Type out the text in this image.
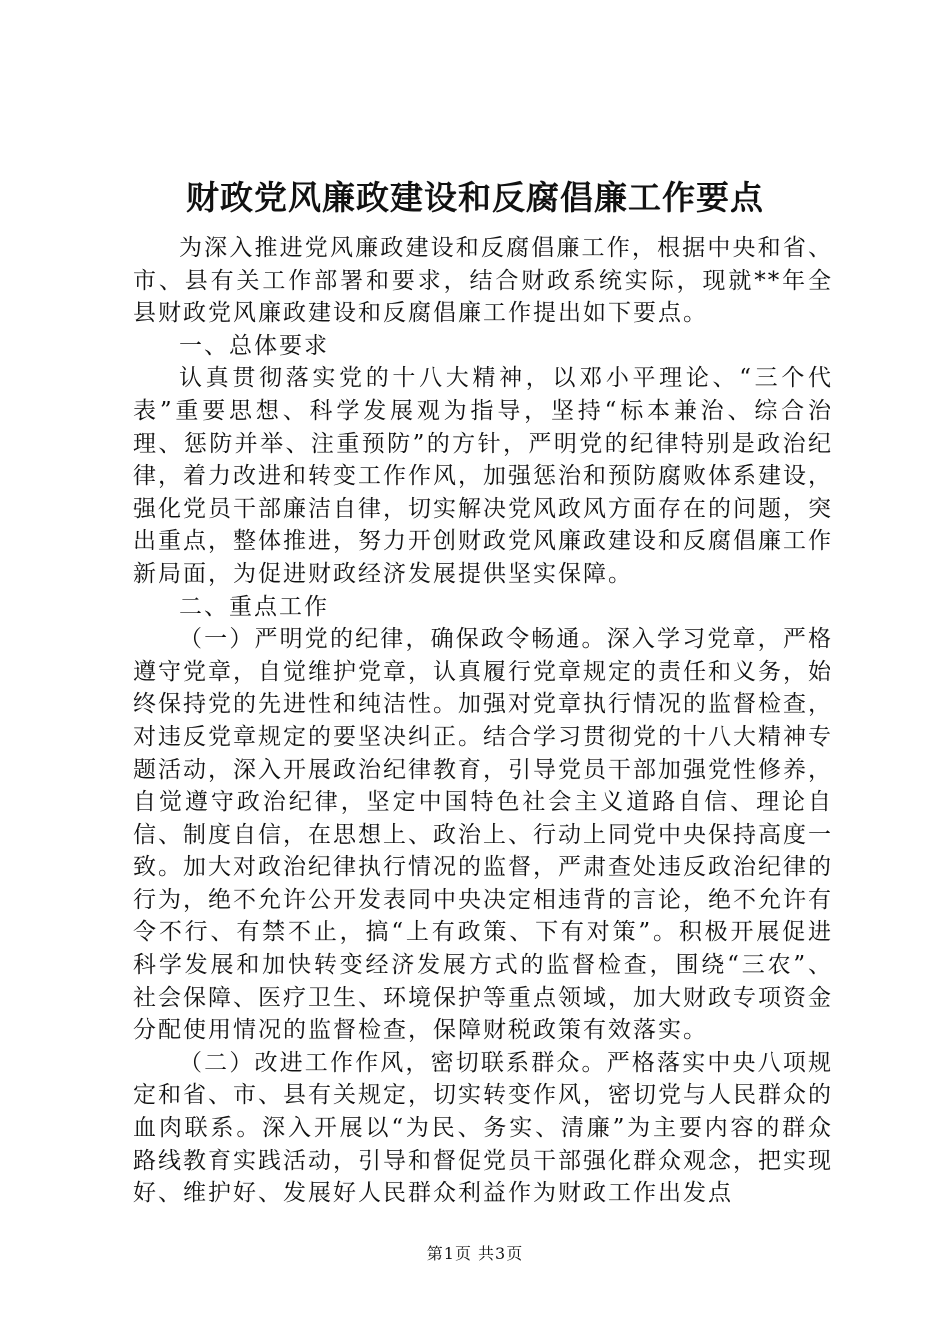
财政党风廉政建设和反腐倡廉工作要点

为深入推进党风廉政建设和反腐倡廉工作，根据中央和省、市、县有关工作部署和要求，结合财政系统实际，现就**年全县财政党风廉政建设和反腐倡廉工作提出如下要点。

一、总体要求

认真贯彻落实党的十八大精神，以邓小平理论、“三个代表”重要思想、科学发展观为指导，坚持“标本兼治、综合治理、惩防并举、注重预防”的方针，严明党的纪律特别是政治纪律，着力改进和转变工作作风，加强惩治和预防腐败体系建设，强化党员干部廉洁自律，切实解决党风政风方面存在的问题，突出重点，整体推进，努力开创财政党风廉政建设和反腐倡廉工作新局面，为促进财政经济发展提供坚实保障。

二、重点工作

（一）严明党的纪律，确保政令畅通。深入学习党章，严格遵守党章，自觉维护党章，认真履行党章规定的责任和义务，始终保持党的先进性和纯洁性。加强对党章执行情况的监督检查，对违反党章规定的要坚决纠正。结合学习贯彻党的十八大精神专题活动，深入开展政治纪律教育，引导党员干部加强党性修养，自觉遵守政治纪律，坚定中国特色社会主义道路自信、理论自信、制度自信，在思想上、政治上、行动上同党中央保持高度一致。加大对政治纪律执行情况的监督，严肃查处违反政治纪律的行为，绝不允许公开发表同中央决定相违背的言论，绝不允许有令不行、有禁不止，搞“上有政策、下有对策”。积极开展促进科学发展和加快转变经济发展方式的监督检查，围绕“三农”、社会保障、医疗卫生、环境保护等重点领域，加大财政专项资金分配使用情况的监督检查，保障财税政策有效落实。

（二）改进工作作风，密切联系群众。严格落实中央八项规定和省、市、县有关规定，切实转变作风，密切党与人民群众的血肉联系。深入开展以“为民、务实、清廉”为主要内容的群众路线教育实践活动，引导和督促党员干部强化群众观念，把实现好、维护好、发展好人民群众利益作为财政工作出发点

第1页 共3页
